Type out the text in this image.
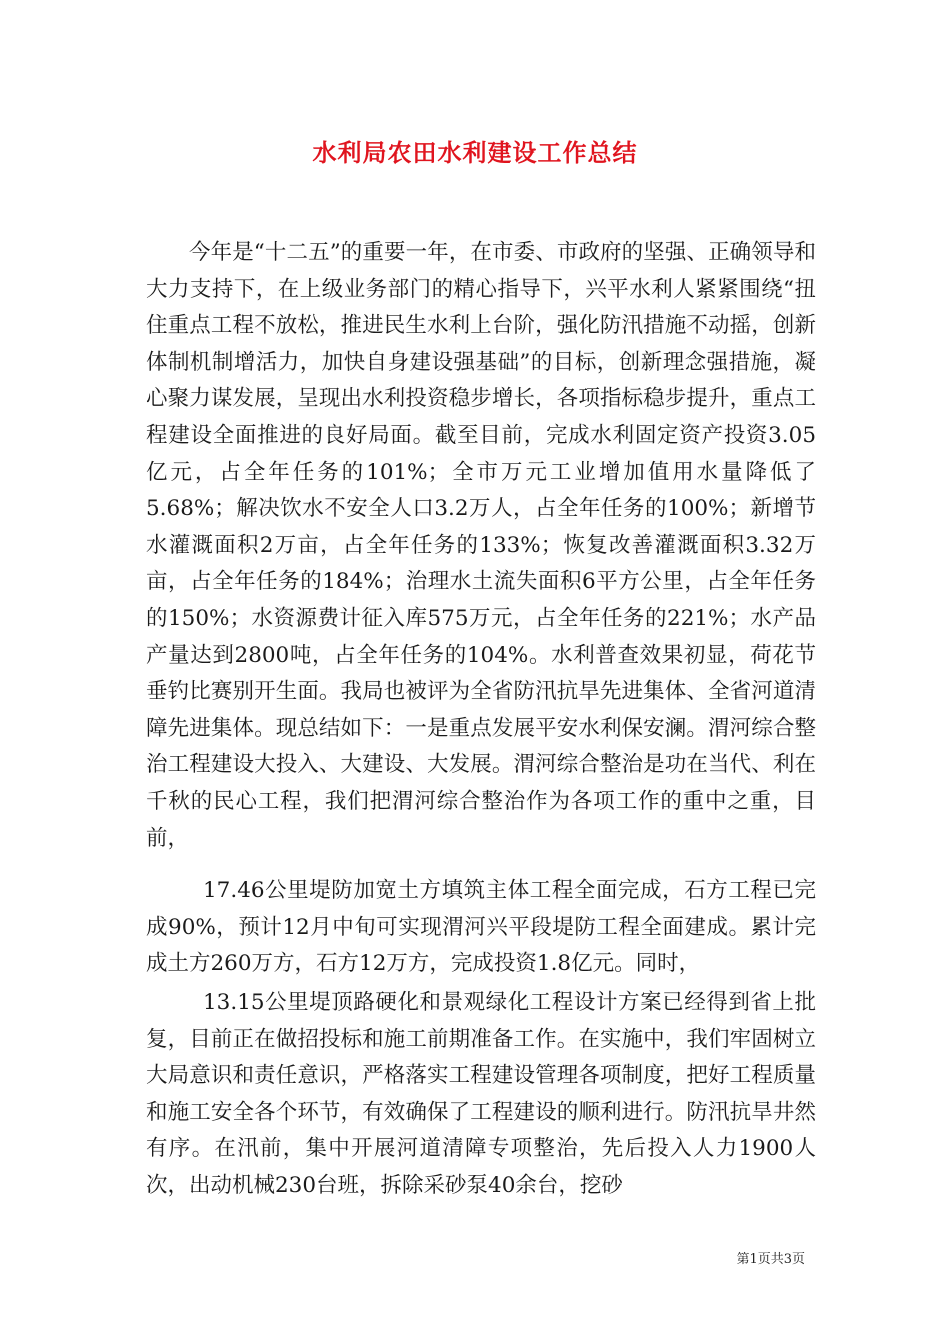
水利局农田水利建设工作总结

今年是“十二五”的重要一年，在市委、市政府的坚强、正确领导和大力支持下，在上级业务部门的精心指导下，兴平水利人紧紧围绕“扭住重点工程不放松，推进民生水利上台阶，强化防汛措施不动摇，创新体制机制增活力，加快自身建设强基础”的目标，创新理念强措施，凝心聚力谋发展，呈现出水利投资稳步增长，各项指标稳步提升，重点工程建设全面推进的良好局面。截至目前，完成水利固定资产投资3.05亿元，占全年任务的101%；全市万元工业增加值用水量降低了5.68%；解决饮水不安全人口3.2万人，占全年任务的100%；新增节水灌溉面积2万亩，占全年任务的133%；恢复改善灌溉面积3.32万亩，占全年任务的184%；治理水土流失面积6平方公里，占全年任务的150%；水资源费计征入库575万元，占全年任务的221%；水产品产量达到2800吨，占全年任务的104%。水利普查效果初显，荷花节垂钓比赛别开生面。我局也被评为全省防汛抗旱先进集体、全省河道清障先进集体。现总结如下：一是重点发展平安水利保安澜。渭河综合整治工程建设大投入、大建设、大发展。渭河综合整治是功在当代、利在千秋的民心工程，我们把渭河综合整治作为各项工作的重中之重，目前，

17.46公里堤防加宽土方填筑主体工程全面完成，石方工程已完成90%，预计12月中旬可实现渭河兴平段堤防工程全面建成。累计完成土方260万方，石方12万方，完成投资1.8亿元。同时，

13.15公里堤顶路硬化和景观绿化工程设计方案已经得到省上批复，目前正在做招投标和施工前期准备工作。在实施中，我们牢固树立大局意识和责任意识，严格落实工程建设管理各项制度，把好工程质量和施工安全各个环节，有效确保了工程建设的顺利进行。防汛抗旱井然有序。在汛前，集中开展河道清障专项整治，先后投入人力1900人次，出动机械230台班，拆除采砂泵40余台，挖砂

第1页共3页
